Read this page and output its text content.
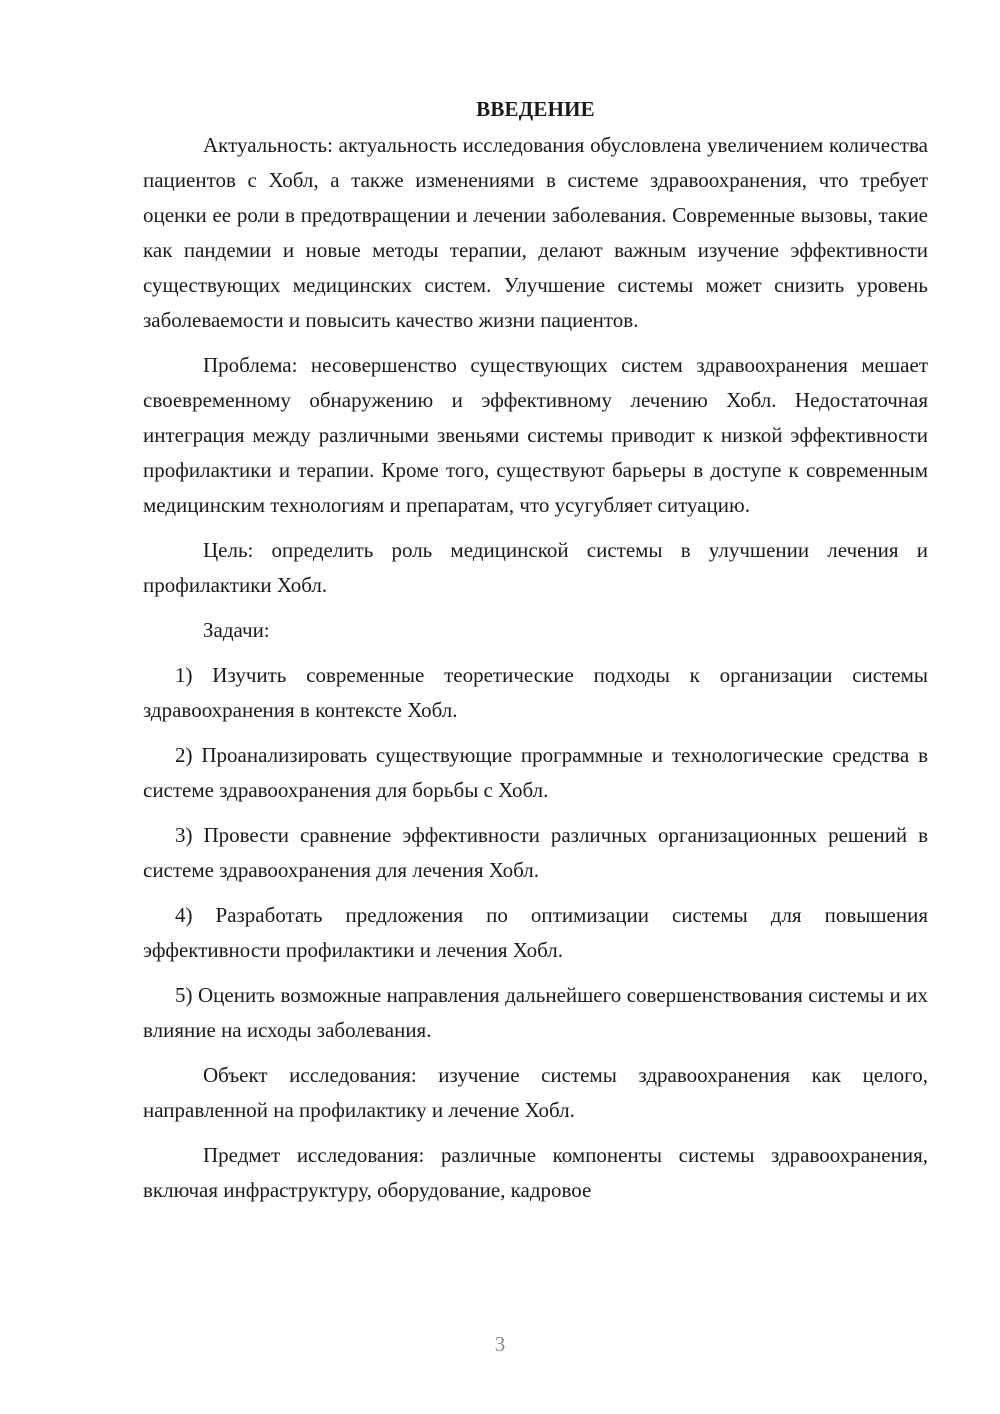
ВВЕДЕНИЕ

Актуальность: актуальность исследования обусловлена увеличением количества пациентов с Хобл, а также изменениями в системе здравоохранения, что требует оценки ее роли в предотвращении и лечении заболевания. Современные вызовы, такие как пандемии и новые методы терапии, делают важным изучение эффективности существующих медицинских систем. Улучшение системы может снизить уровень заболеваемости и повысить качество жизни пациентов.

Проблема: несовершенство существующих систем здравоохранения мешает своевременному обнаружению и эффективному лечению Хобл. Недостаточная интеграция между различными звеньями системы приводит к низкой эффективности профилактики и терапии. Кроме того, существуют барьеры в доступе к современным медицинским технологиям и препаратам, что усугубляет ситуацию.

Цель: определить роль медицинской системы в улучшении лечения и профилактики Хобл.

Задачи:

1) Изучить современные теоретические подходы к организации системы здравоохранения в контексте Хобл.

2) Проанализировать существующие программные и технологические средства в системе здравоохранения для борьбы с Хобл.

3) Провести сравнение эффективности различных организационных решений в системе здравоохранения для лечения Хобл.

4) Разработать предложения по оптимизации системы для повышения эффективности профилактики и лечения Хобл.

5) Оценить возможные направления дальнейшего совершенствования системы и их влияние на исходы заболевания.

Объект исследования: изучение системы здравоохранения как целого, направленной на профилактику и лечение Хобл.

Предмет исследования: различные компоненты системы здравоохранения, включая инфраструктуру, оборудование, кадровое

3
